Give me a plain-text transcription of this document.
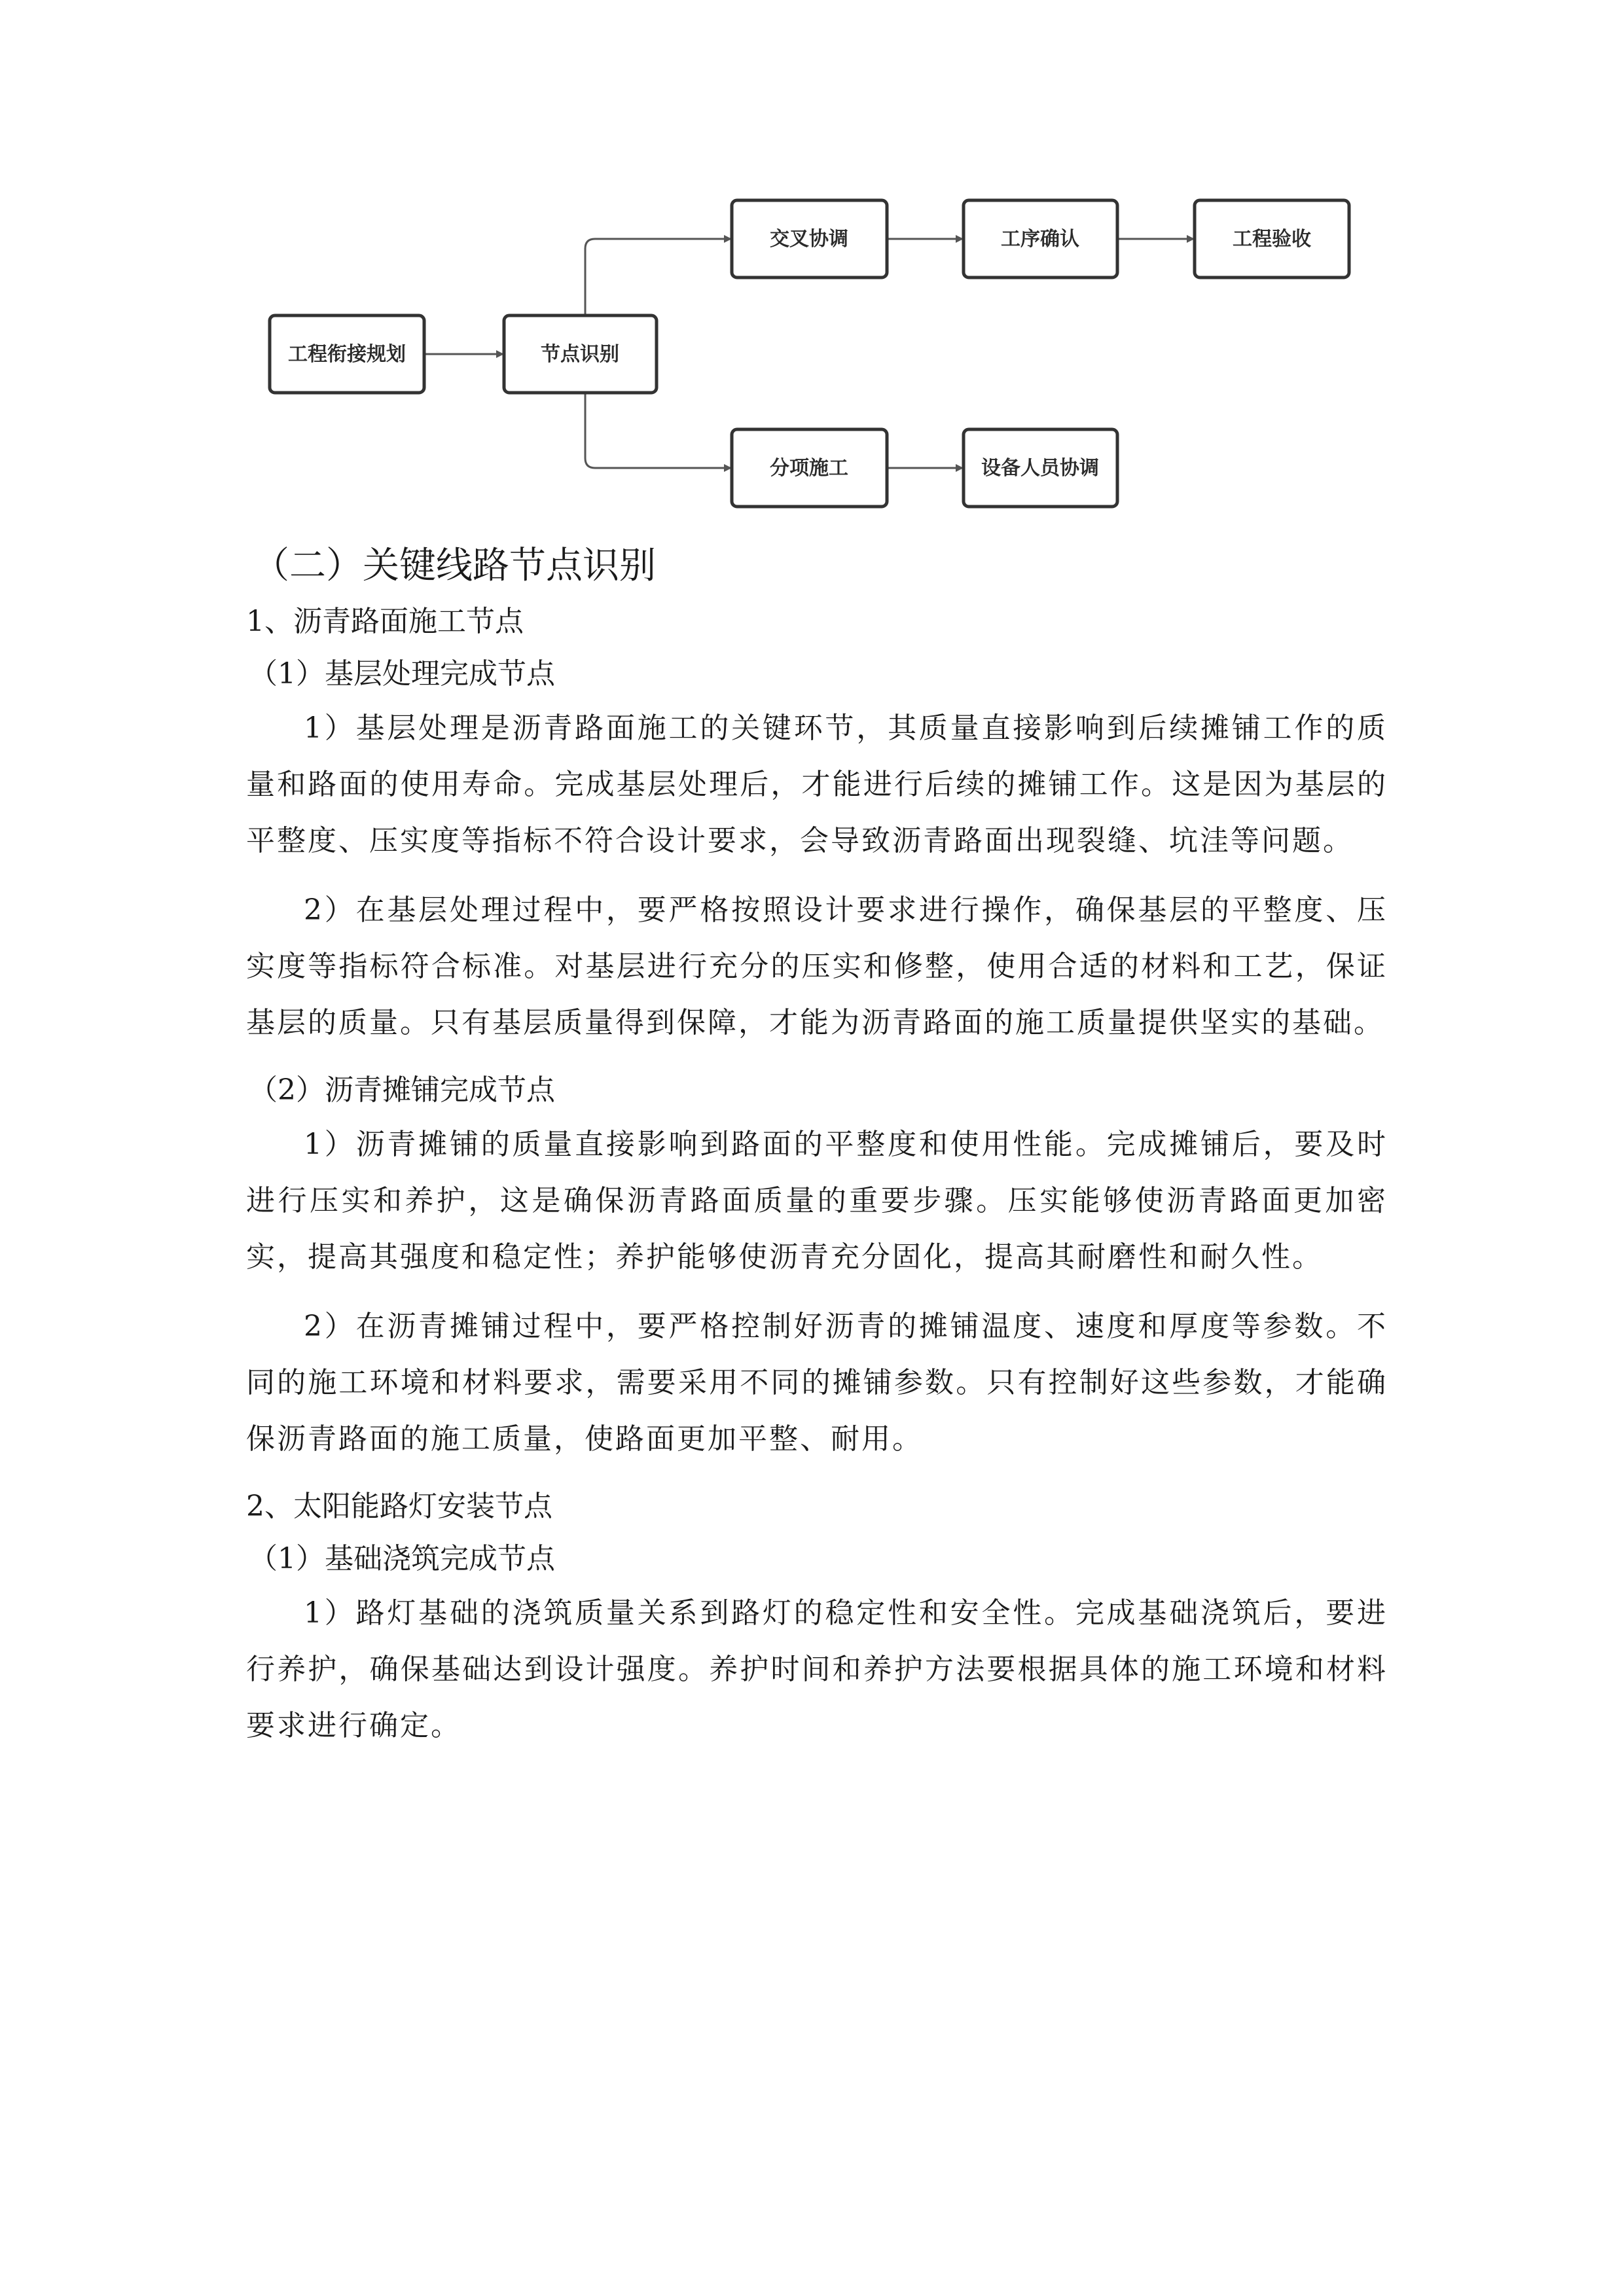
工程衔接规划	节点识别
交叉协调	工序确认	工程验收
分项施工	设备人员协调
（二）关键线路节点识别
1、沥青路面施工节点
（1）基层处理完成节点

1）基层处理是沥青路面施工的关键环节，其质量直接影响到后续摊铺工作的质量和路面的使用寿命。完成基层处理后，才能进行后续的摊铺工作。这是因为基层的平整度、压实度等指标不符合设计要求，会导致沥青路面出现裂缝、坑洼等问题。

2）在基层处理过程中，要严格按照设计要求进行操作，确保基层的平整度、压实度等指标符合标准。对基层进行充分的压实和修整，使用合适的材料和工艺，保证基层的质量。只有基层质量得到保障，才能为沥青路面的施工质量提供坚实的基础。

（2）沥青摊铺完成节点

1）沥青摊铺的质量直接影响到路面的平整度和使用性能。完成摊铺后，要及时进行压实和养护，这是确保沥青路面质量的重要步骤。压实能够使沥青路面更加密实，提高其强度和稳定性；养护能够使沥青充分固化，提高其耐磨性和耐久性。

2）在沥青摊铺过程中，要严格控制好沥青的摊铺温度、速度和厚度等参数。不同的施工环境和材料要求，需要采用不同的摊铺参数。只有控制好这些参数，才能确保沥青路面的施工质量，使路面更加平整、耐用。

2、太阳能路灯安装节点
（1）基础浇筑完成节点

1）路灯基础的浇筑质量关系到路灯的稳定性和安全性。完成基础浇筑后，要进行养护，确保基础达到设计强度。养护时间和养护方法要根据具体的施工环境和材料要求进行确定。
